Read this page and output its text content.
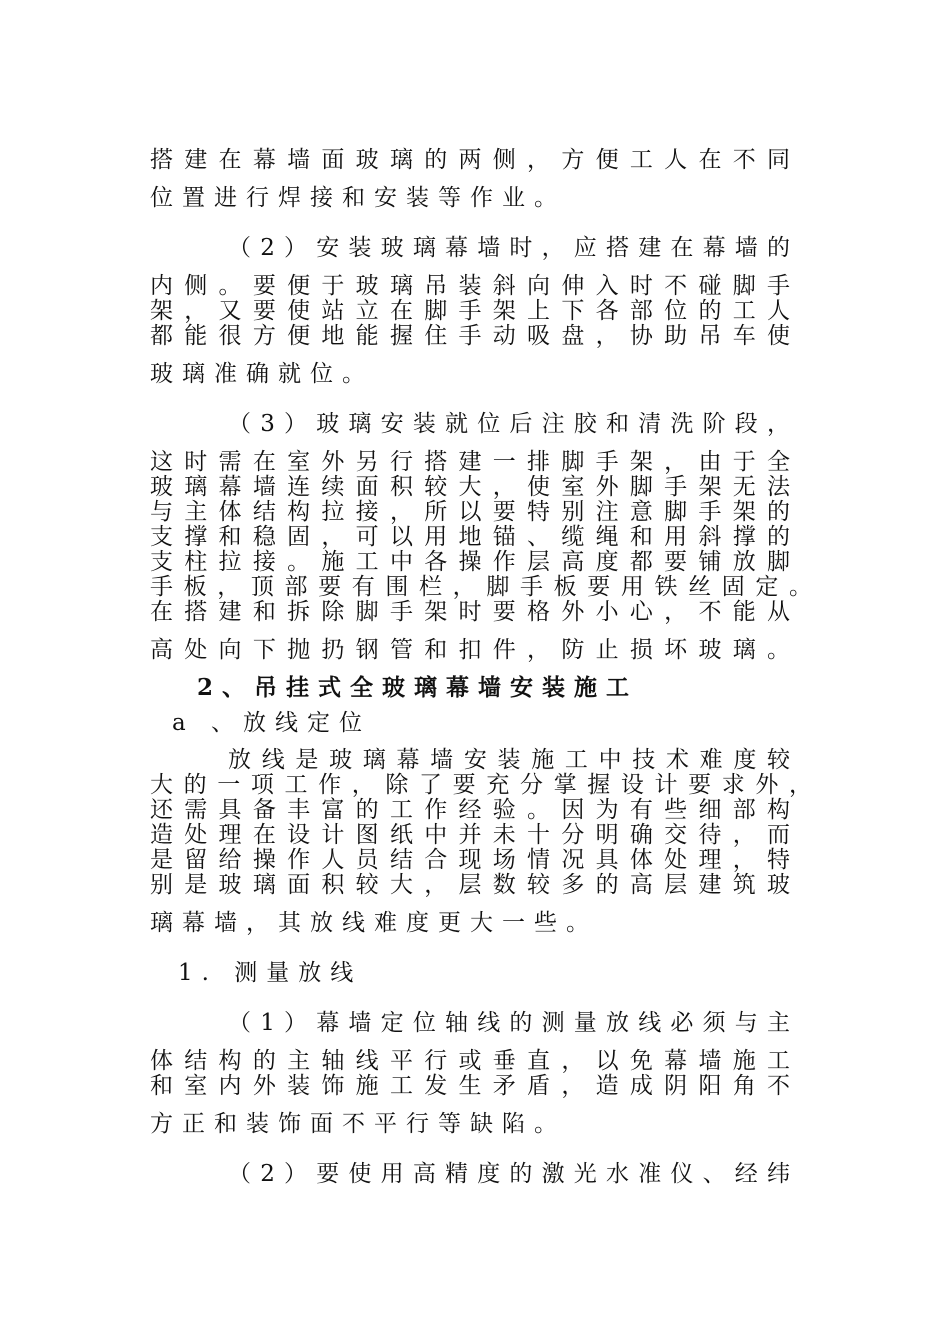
搭建在幕墙面玻璃的两侧，方便工人在不同
位置进行焊接和安装等作业。
（2）安装玻璃幕墙时，应搭建在幕墙的
内侧。要便于玻璃吊装斜向伸入时不碰脚手
架，又要使站立在脚手架上下各部位的工人
都能很方便地能握住手动吸盘，协助吊车使
玻璃准确就位。
（3）玻璃安装就位后注胶和清洗阶段，
这时需在室外另行搭建一排脚手架，由于全
玻璃幕墙连续面积较大，使室外脚手架无法
与主体结构拉接，所以要特别注意脚手架的
支撑和稳固，可以用地锚、缆绳和用斜撑的
支柱拉接。施工中各操作层高度都要铺放脚
手板，顶部要有围栏，脚手板要用铁丝固定。
在搭建和拆除脚手架时要格外小心，不能从
高处向下抛扔钢管和扣件，防止损坏玻璃。
2、吊挂式全玻璃幕墙安装施工
a 、放线定位
放线是玻璃幕墙安装施工中技术难度较
大的一项工作，除了要充分掌握设计要求外，
还需具备丰富的工作经验。因为有些细部构
造处理在设计图纸中并未十分明确交待，而
是留给操作人员结合现场情况具体处理，特
别是玻璃面积较大，层数较多的高层建筑玻
璃幕墙，其放线难度更大一些。
1. 测量放线
（1）幕墙定位轴线的测量放线必须与主
体结构的主轴线平行或垂直，以免幕墙施工
和室内外装饰施工发生矛盾，造成阴阳角不
方正和装饰面不平行等缺陷。
（2）要使用高精度的激光水准仪、经纬
